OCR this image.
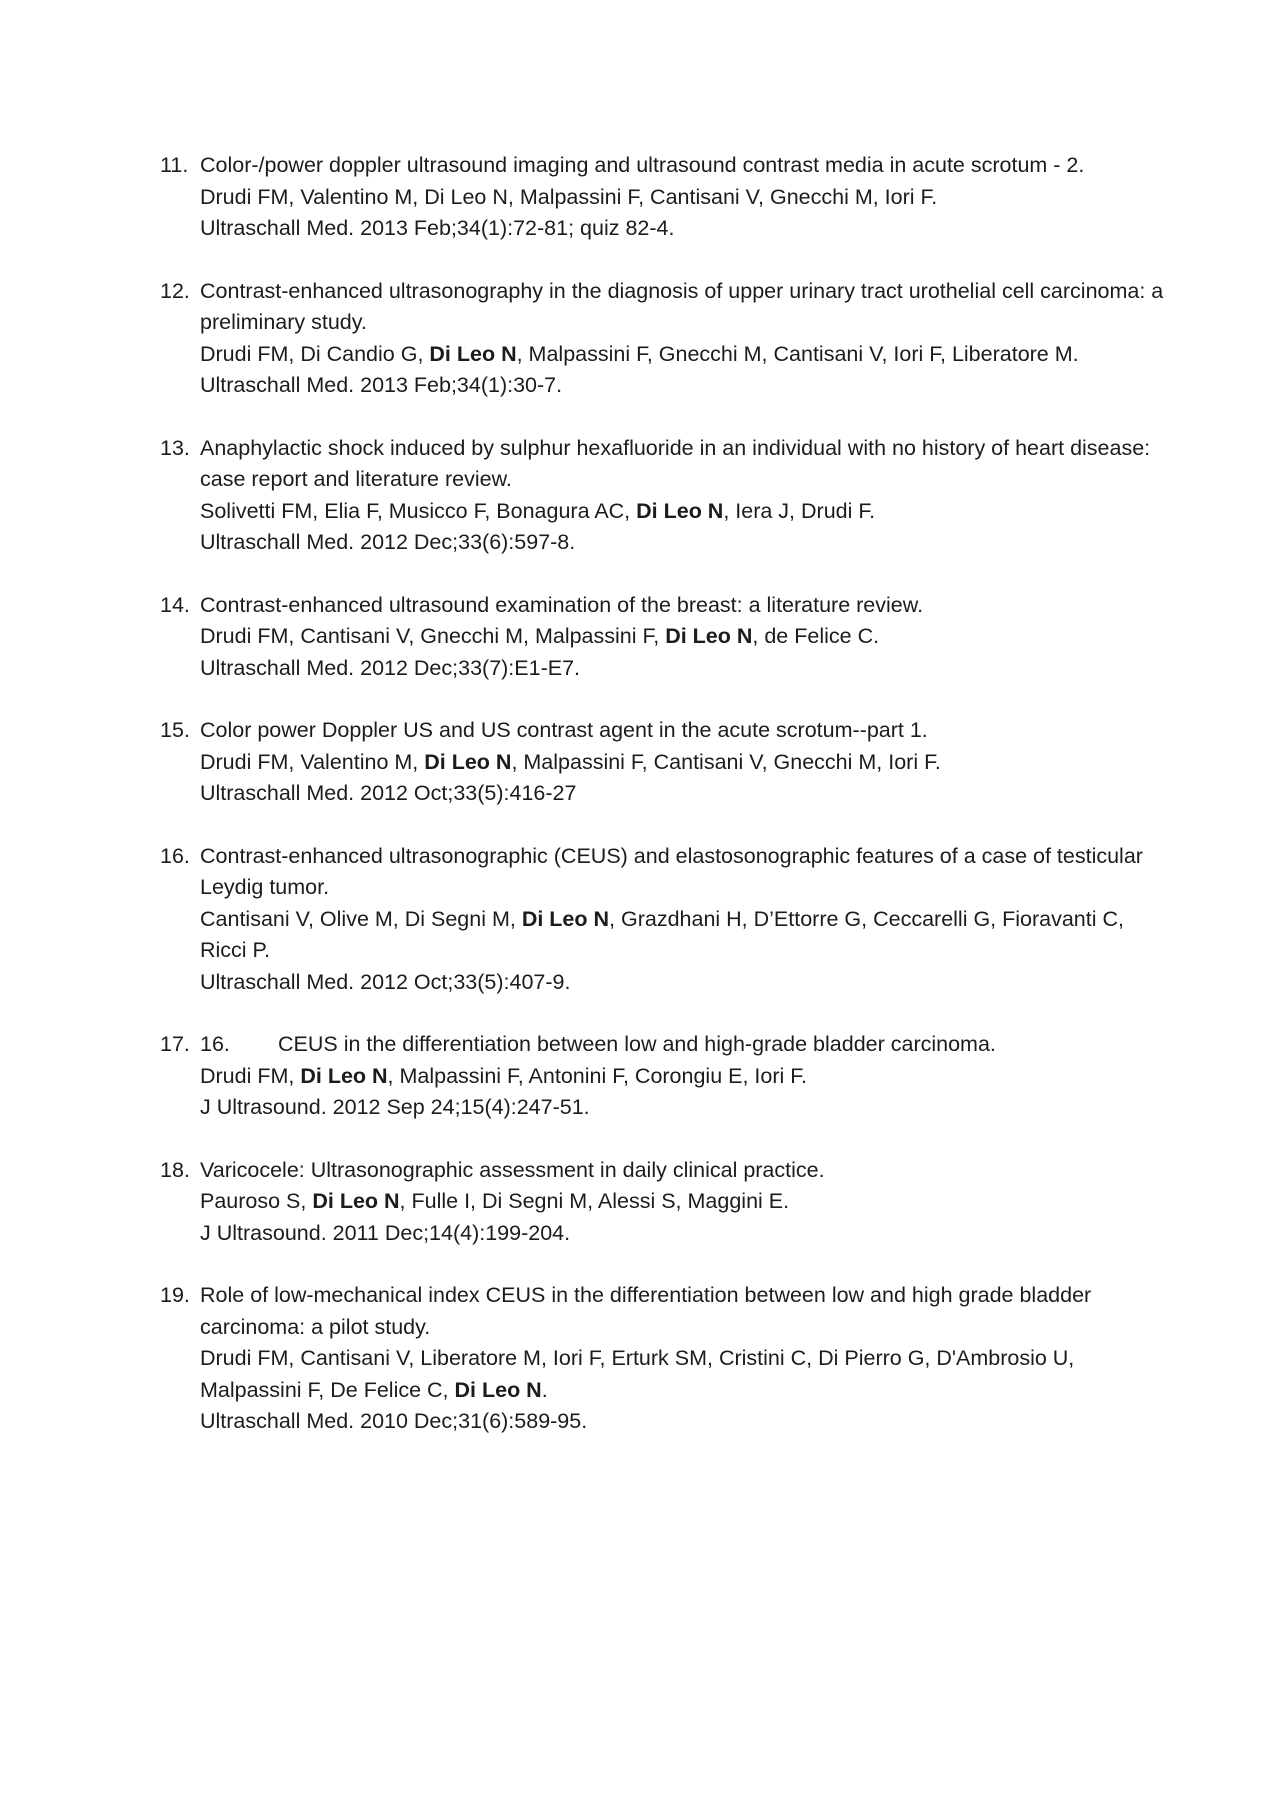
11. Color-/power doppler ultrasound imaging and ultrasound contrast media in acute scrotum - 2.
Drudi FM, Valentino M, Di Leo N, Malpassini F, Cantisani V, Gnecchi M, Iori F.
Ultraschall Med. 2013 Feb;34(1):72-81; quiz 82-4.
12. Contrast-enhanced ultrasonography in the diagnosis of upper urinary tract urothelial cell carcinoma: a preliminary study.
Drudi FM, Di Candio G, Di Leo N, Malpassini F, Gnecchi M, Cantisani V, Iori F, Liberatore M.
Ultraschall Med. 2013 Feb;34(1):30-7.
13. Anaphylactic shock induced by sulphur hexafluoride in an individual with no history of heart disease: case report and literature review.
Solivetti FM, Elia F, Musicco F, Bonagura AC, Di Leo N, Iera J, Drudi F.
Ultraschall Med. 2012 Dec;33(6):597-8.
14. Contrast-enhanced ultrasound examination of the breast: a literature review.
Drudi FM, Cantisani V, Gnecchi M, Malpassini F, Di Leo N, de Felice C.
Ultraschall Med. 2012 Dec;33(7):E1-E7.
15. Color power Doppler US and US contrast agent in the acute scrotum--part 1.
Drudi FM, Valentino M, Di Leo N, Malpassini F, Cantisani V, Gnecchi M, Iori F.
Ultraschall Med. 2012 Oct;33(5):416-27
16. Contrast-enhanced ultrasonographic (CEUS) and elastosonographic features of a case of testicular Leydig tumor.
Cantisani V, Olive M, Di Segni M, Di Leo N, Grazdhani H, D’Ettorre G, Ceccarelli G, Fioravanti C, Ricci P.
Ultraschall Med. 2012 Oct;33(5):407-9.
17. 16. CEUS in the differentiation between low and high-grade bladder carcinoma.
Drudi FM, Di Leo N, Malpassini F, Antonini F, Corongiu E, Iori F.
J Ultrasound. 2012 Sep 24;15(4):247-51.
18. Varicocele: Ultrasonographic assessment in daily clinical practice.
Pauroso S, Di Leo N, Fulle I, Di Segni M, Alessi S, Maggini E.
J Ultrasound. 2011 Dec;14(4):199-204.
19. Role of low-mechanical index CEUS in the differentiation between low and high grade bladder carcinoma: a pilot study.
Drudi FM, Cantisani V, Liberatore M, Iori F, Erturk SM, Cristini C, Di Pierro G, D'Ambrosio U, Malpassini F, De Felice C, Di Leo N.
Ultraschall Med. 2010 Dec;31(6):589-95.
